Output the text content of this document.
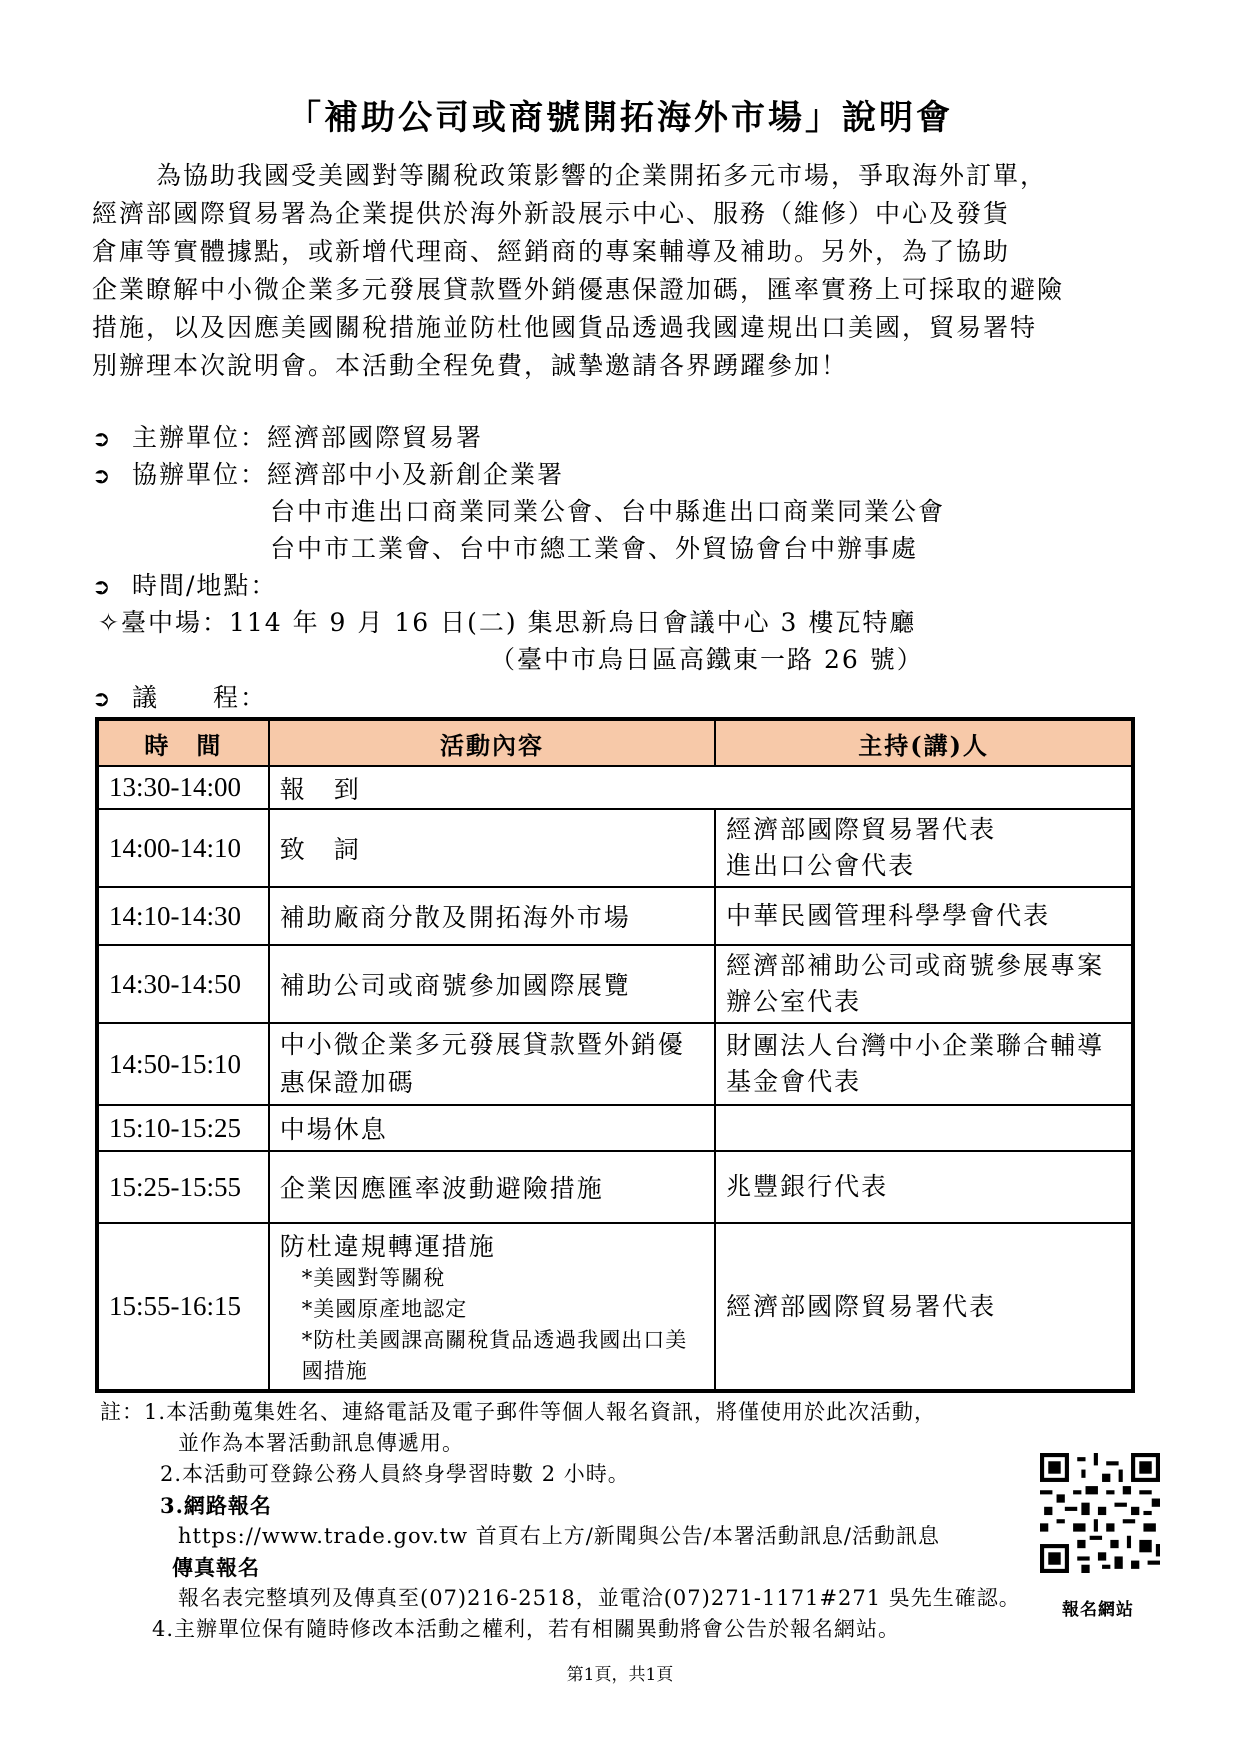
「補助公司或商號開拓海外市場」說明會

為協助我國受美國對等關稅政策影響的企業開拓多元市場，爭取海外訂單，
經濟部國際貿易署為企業提供於海外新設展示中心、服務（維修）中心及發貨
倉庫等實體據點，或新增代理商、經銷商的專案輔導及補助。另外，為了協助
企業瞭解中小微企業多元發展貸款暨外銷優惠保證加碼，匯率實務上可採取的避險
措施，以及因應美國關稅措施並防杜他國貨品透過我國違規出口美國，貿易署特
別辦理本次說明會。本活動全程免費，誠摯邀請各界踴躍參加！

➲ 主辦單位：經濟部國際貿易署
➲ 協辦單位：經濟部中小及新創企業署
台中市進出口商業同業公會、台中縣進出口商業同業公會
台中市工業會、台中市總工業會、外貿協會台中辦事處
➲ 時間/地點：
✧臺中場：114 年 9 月 16 日(二) 集思新烏日會議中心 3 樓瓦特廳
（臺中市烏日區高鐵東一路 26 號）
➲ 議　　程：
時　間	活動內容	主持(講)人
13:30-14:00	報　到	
14:00-14:10	致　詞	經濟部國際貿易署代表
進出口公會代表
14:10-14:30	補助廠商分散及開拓海外市場	中華民國管理科學學會代表
14:30-14:50	補助公司或商號參加國際展覽	經濟部補助公司或商號參展專案辦公室代表
14:50-15:10	中小微企業多元發展貸款暨外銷優惠保證加碼	財團法人台灣中小企業聯合輔導基金會代表
15:10-15:25	中場休息	
15:25-15:55	企業因應匯率波動避險措施	兆豐銀行代表
15:55-16:15	防杜違規轉運措施
*美國對等關稅
*美國原產地認定
*防杜美國課高關稅貨品透過我國出口美國措施	經濟部國際貿易署代表
註：1.本活動蒐集姓名、連絡電話及電子郵件等個人報名資訊，將僅使用於此次活動，
並作為本署活動訊息傳遞用。
2.本活動可登錄公務人員終身學習時數 2 小時。
3.網路報名
https://www.trade.gov.tw 首頁右上方/新聞與公告/本署活動訊息/活動訊息
傳真報名
報名表完整填列及傳真至(07)216-2518，並電洽(07)271-1171#271 吳先生確認。
4.主辦單位保有隨時修改本活動之權利，若有相關異動將會公告於報名網站。
報名網站
第1頁，共1頁
